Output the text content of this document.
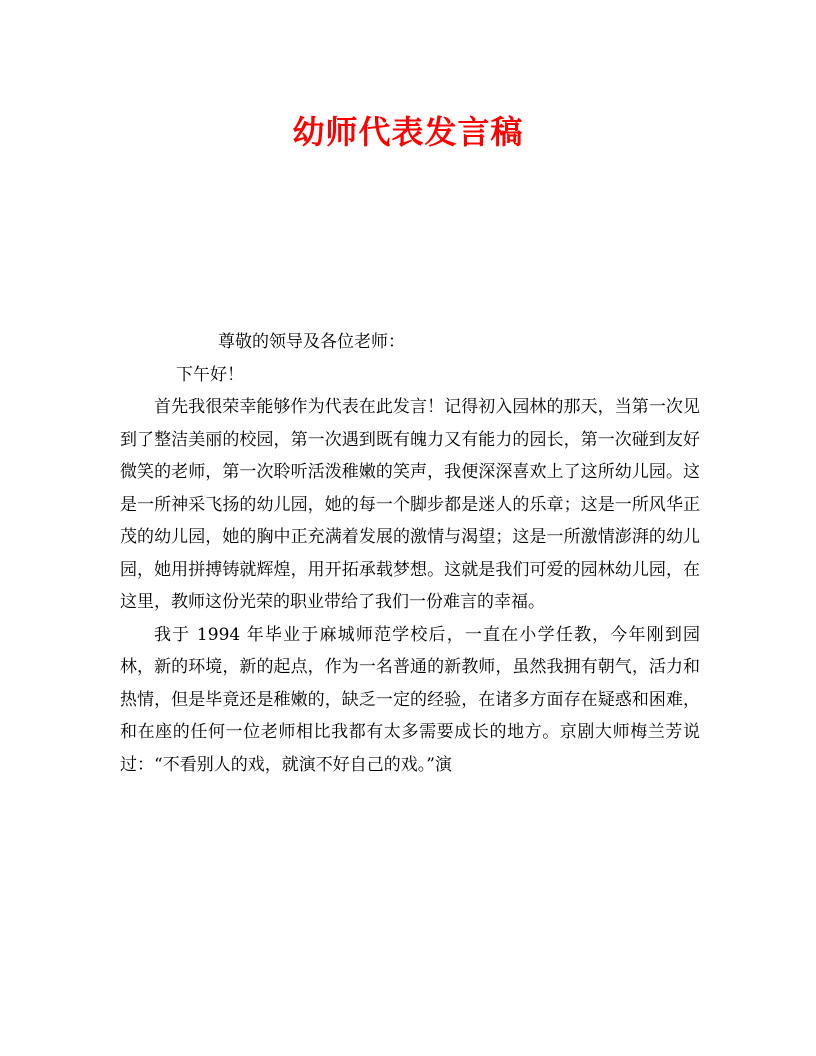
幼师代表发言稿

尊敬的领导及各位老师：

下午好！

首先我很荣幸能够作为代表在此发言！记得初入园林的那天，当第一次见到了整洁美丽的校园，第一次遇到既有魄力又有能力的园长，第一次碰到友好微笑的老师，第一次聆听活泼稚嫩的笑声，我便深深喜欢上了这所幼儿园。这是一所神采飞扬的幼儿园，她的每一个脚步都是迷人的乐章；这是一所风华正茂的幼儿园，她的胸中正充满着发展的激情与渴望；这是一所激情澎湃的幼儿园，她用拼搏铸就辉煌，用开拓承载梦想。这就是我们可爱的园林幼儿园，在这里，教师这份光荣的职业带给了我们一份难言的幸福。

我于 1994 年毕业于麻城师范学校后，一直在小学任教，今年刚到园林，新的环境，新的起点，作为一名普通的新教师，虽然我拥有朝气，活力和热情，但是毕竟还是稚嫩的，缺乏一定的经验，在诸多方面存在疑惑和困难，和在座的任何一位老师相比我都有太多需要成长的地方。京剧大师梅兰芳说过：“不看别人的戏，就演不好自己的戏。”演
